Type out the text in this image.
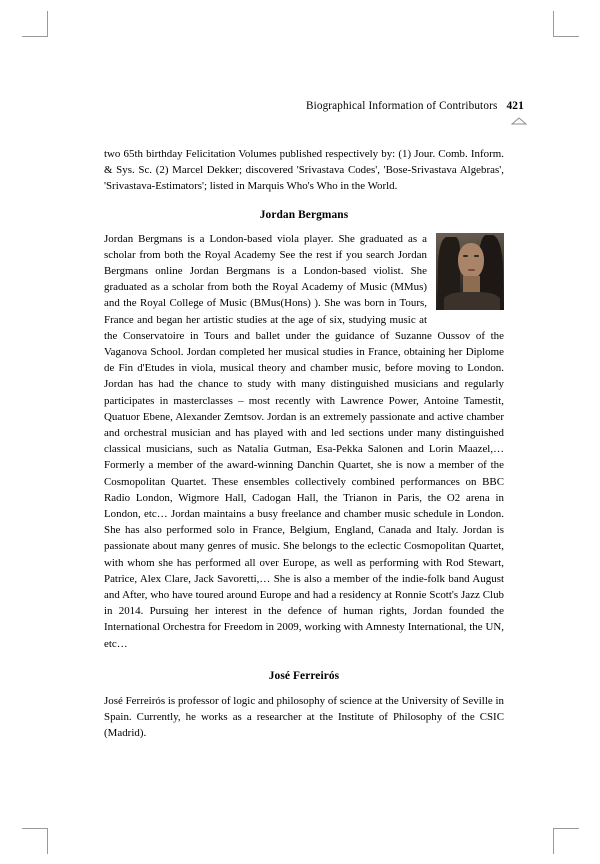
Biographical Information of Contributors 421

two 65th birthday Felicitation Volumes published respectively by: (1) Jour. Comb. Inform. & Sys. Sc. (2) Marcel Dekker; discovered 'Srivastava Codes', 'Bose-Srivastava Algebras', 'Srivastava-Estimators'; listed in Marquis Who's Who in the World.

Jordan Bergmans

Jordan Bergmans is a London-based viola player. She graduated as a scholar from both the Royal Academy See the rest if you search Jordan Bergmans online Jordan Bergmans is a London-based violist. She graduated as a scholar from both the Royal Academy of Music (MMus) and the Royal College of Music (BMus(Hons) ). She was born in Tours, France and began her artistic studies at the age of six, studying music at the Conservatoire in Tours and ballet under the guidance of Suzanne Oussov of the Vaganova School. Jordan completed her musical studies in France, obtaining her Diplome de Fin d'Etudes in viola, musical theory and chamber music, before moving to London. Jordan has had the chance to study with many distinguished musicians and regularly participates in masterclasses – most recently with Lawrence Power, Antoine Tamestit, Quatuor Ebene, Alexander Zemtsov. Jordan is an extremely passionate and active chamber and orchestral musician and has played with and led sections under many distinguished classical musicians, such as Natalia Gutman, Esa-Pekka Salonen and Lorin Maazel,… Formerly a member of the award-winning Danchin Quartet, she is now a member of the Cosmopolitan Quartet. These ensembles collectively combined performances on BBC Radio London, Wigmore Hall, Cadogan Hall, the Trianon in Paris, the O2 arena in London, etc… Jordan maintains a busy freelance and chamber music schedule in London. She has also performed solo in France, Belgium, England, Canada and Italy. Jordan is passionate about many genres of music. She belongs to the eclectic Cosmopolitan Quartet, with whom she has performed all over Europe, as well as performing with Rod Stewart, Patrice, Alex Clare, Jack Savoretti,… She is also a member of the indie-folk band August and After, who have toured around Europe and had a residency at Ronnie Scott's Jazz Club in 2014. Pursuing her interest in the defence of human rights, Jordan founded the International Orchestra for Freedom in 2009, working with Amnesty International, the UN, etc…

José Ferreirós

José Ferreirós is professor of logic and philosophy of science at the University of Seville in Spain. Currently, he works as a researcher at the Institute of Philosophy of the CSIC (Madrid).
